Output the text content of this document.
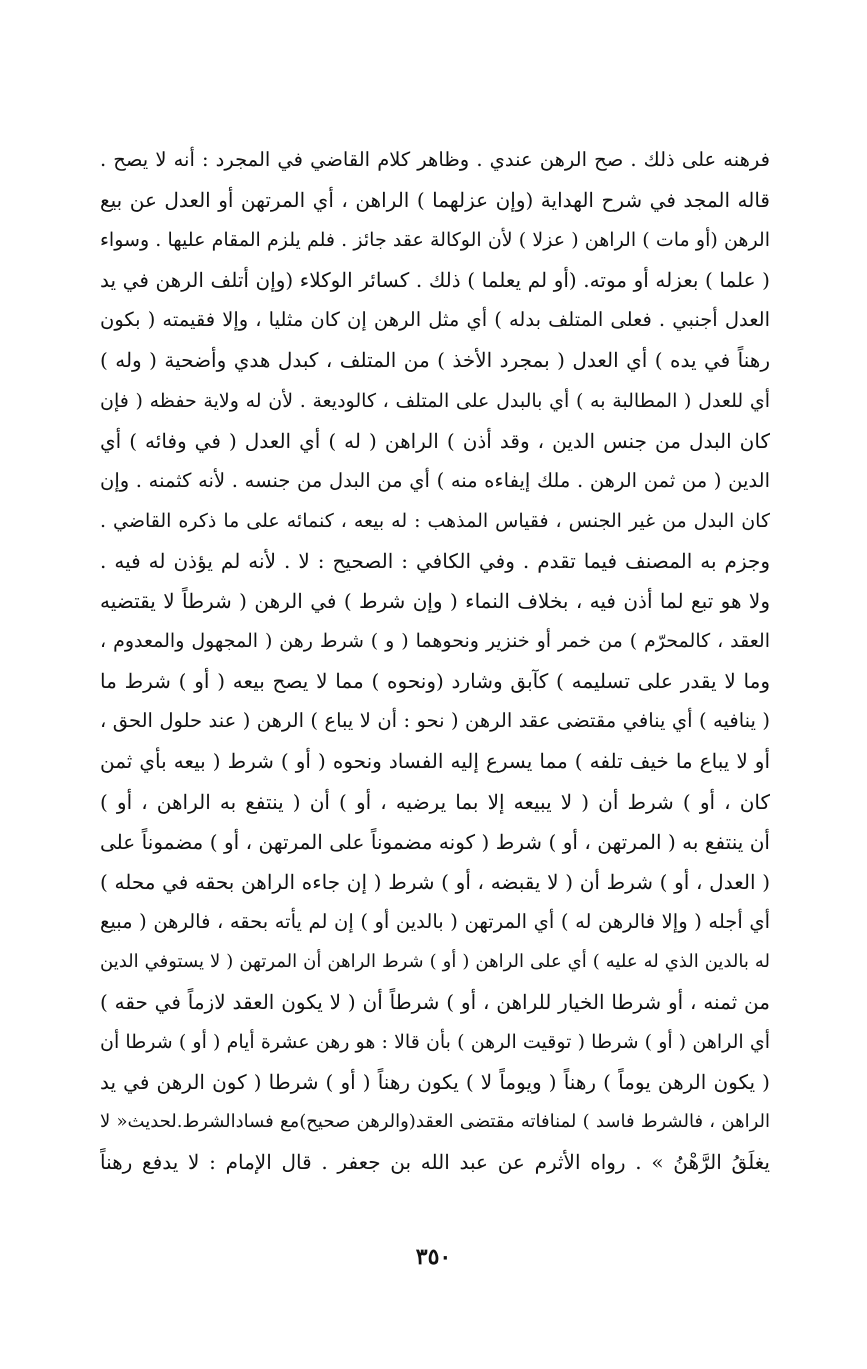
فرهنه على ذلك . صح الرهن عندي . وظاهر كلام القاضي في المجرد : أنه لا يصح .
قاله المجد في شرح الهداية (وإن عزلهما ) الراهن ، أي المرتهن أو العدل عن بيع
الرهن (أو مات ) الراهن ( عزلا ) لأن الوكالة عقد جائز . فلم يلزم المقام عليها . وسواء
( علما ) بعزله أو موته. (أو لم يعلما ) ذلك . كسائر الوكلاء (وإن أتلف الرهن في يد
العدل أجنبي . فعلى المتلف بدله ) أي مثل الرهن إن كان مثليا ، وإلا فقيمته ( بكون
رهناً في يده ) أي العدل ( بمجرد الأخذ ) من المتلف ، كبدل هدي وأضحية ( وله )
أي للعدل ( المطالبة به ) أي بالبدل على المتلف ، كالوديعة . لأن له ولاية حفظه ( فإن
كان البدل من جنس الدين ، وقد أذن ) الراهن ( له ) أي العدل ( في وفائه ) أي
الدين ( من ثمن الرهن . ملك إيفاءه منه ) أي من البدل من جنسه . لأنه كثمنه . وإن
كان البدل من غير الجنس ، فقياس المذهب : له بيعه ، كنمائه على ما ذكره القاضي .
وجزم به المصنف فيما تقدم . وفي الكافي : الصحيح : لا . لأنه لم يؤذن له فيه .
ولا هو تبع لما أذن فيه ، بخلاف النماء ( وإن شرط ) في الرهن ( شرطاً لا يقتضيه
العقد ، كالمحرّم ) من خمر أو خنزير ونحوهما ( و ) شرط رهن ( المجهول والمعدوم ،
وما لا يقدر على تسليمه ) كآبق وشارد (ونحوه ) مما لا يصح بيعه ( أو ) شرط ما
( ينافيه ) أي ينافي مقتضى عقد الرهن ( نحو : أن لا يباع ) الرهن ( عند حلول الحق ،
أو لا يباع ما خيف تلفه ) مما يسرع إليه الفساد ونحوه ( أو ) شرط ( بيعه بأي ثمن
كان ، أو ) شرط أن ( لا يبيعه إلا بما يرضيه ، أو ) أن ( ينتفع به الراهن ، أو )
أن ينتفع به ( المرتهن ، أو ) شرط ( كونه مضموناً على المرتهن ، أو ) مضموناً على
( العدل ، أو ) شرط أن ( لا يقبضه ، أو ) شرط ( إن جاءه الراهن بحقه في محله )
أي أجله ( وإلا فالرهن له ) أي المرتهن ( بالدين أو ) إن لم يأته بحقه ، فالرهن ( مبيع
له بالدين الذي له عليه ) أي على الراهن ( أو ) شرط الراهن أن المرتهن ( لا يستوفي الدين
من ثمنه ، أو شرطا الخيار للراهن ، أو ) شرطاً أن ( لا يكون العقد لازماً في حقه )
أي الراهن ( أو ) شرطا ( توقيت الرهن ) بأن قالا : هو رهن عشرة أيام ( أو ) شرطا أن
( يكون الرهن يوماً ) رهناً ( ويوماً لا ) يكون رهناً ( أو ) شرطا ( كون الرهن في يد
الراهن ، فالشرط فاسد ) لمنافاته مقتضى العقد(والرهن صحيح)مع فسادالشرط.لحديث« لا
يغلَقُ الرَّهْنُ » . رواه الأثرم عن عبد الله بن جعفر . قال الإمام : لا يدفع رهناً
٣٥٠
